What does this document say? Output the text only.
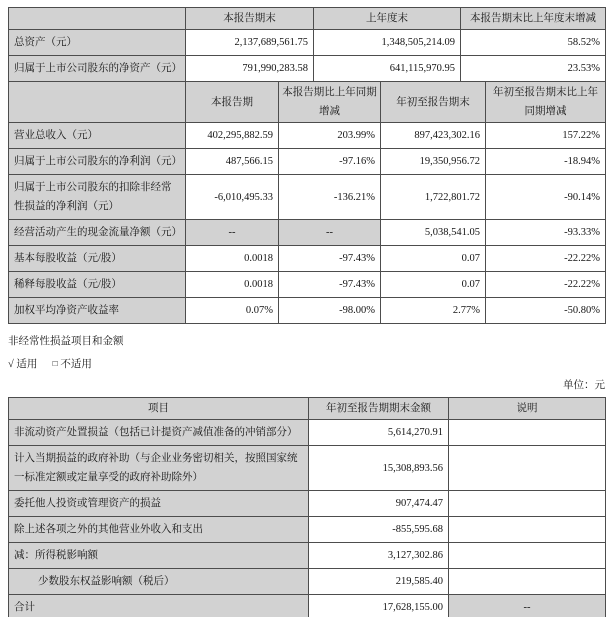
	本报告期末	上年度末	本报告期末比上年度末增减
总资产（元）	2,137,689,561.75	1,348,505,214.09	58.52%
归属于上市公司股东的净资产（元）	791,990,283.58	641,115,970.95	23.53%
	本报告期	本报告期比上年同期增减	年初至报告期末	年初至报告期末比上年同期增减
营业总收入（元）	402,295,882.59	203.99%	897,423,302.16	157.22%
归属于上市公司股东的净利润（元）	487,566.15	-97.16%	19,350,956.72	-18.94%
归属于上市公司股东的扣除非经常性损益的净利润（元）	-6,010,495.33	-136.21%	1,722,801.72	-90.14%
经营活动产生的现金流量净额（元）	--	--	5,038,541.05	-93.33%
基本每股收益（元/股）	0.0018	-97.43%	0.07	-22.22%
稀释每股收益（元/股）	0.0018	-97.43%	0.07	-22.22%
加权平均净资产收益率	0.07%	-98.00%	2.77%	-50.80%
非经常性损益项目和金额
√ 适用 □ 不适用
单位：元
项目	年初至报告期期末金额	说明
非流动资产处置损益（包括已计提资产减值准备的冲销部分）	5,614,270.91	
计入当期损益的政府补助（与企业业务密切相关，按照国家统一标准定额或定量享受的政府补助除外）	15,308,893.56	
委托他人投资或管理资产的损益	907,474.47	
除上述各项之外的其他营业外收入和支出	-855,595.68	
减：所得税影响额	3,127,302.86	
少数股东权益影响额（税后）	219,585.40	
合计	17,628,155.00	--
